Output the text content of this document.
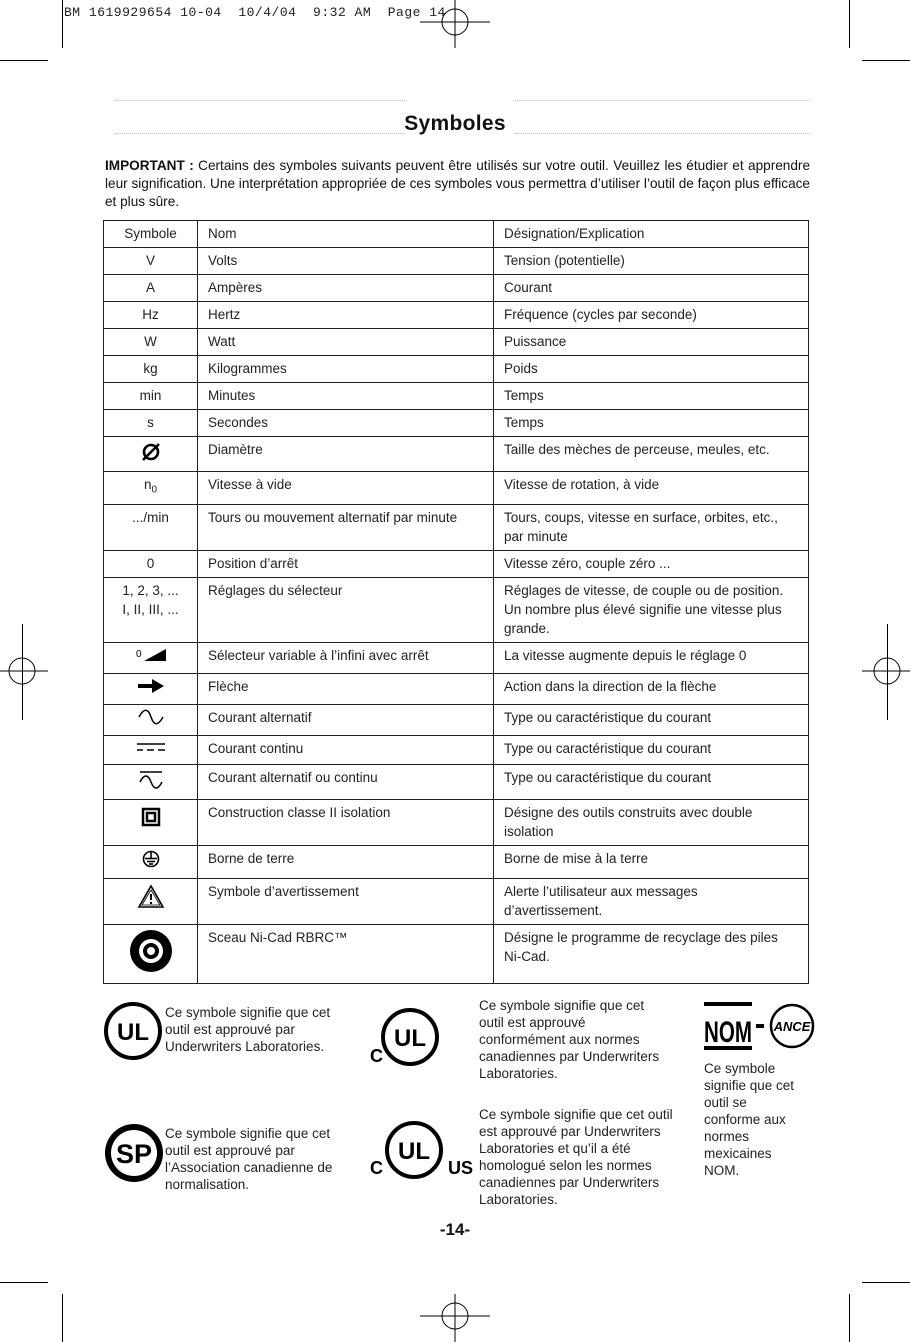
BM 1619929654 10-04  10/4/04  9:32 AM  Page 14
Symboles
IMPORTANT : Certains des symboles suivants peuvent être utilisés sur votre outil. Veuillez les étudier et apprendre leur signification. Une interprétation appropriée de ces symboles vous permettra d’utiliser l’outil de façon plus efficace et plus sûre.
Symbole	Nom	Désignation/Explication
V	Volts	Tension (potentielle)
A	Ampères	Courant
Hz	Hertz	Fréquence (cycles par seconde)
W	Watt	Puissance
kg	Kilogrammes	Poids
min	Minutes	Temps
s	Secondes	Temps
	Diamètre	Taille des mèches de perceuse, meules, etc.
$n_0$	Vitesse à vide	Vitesse de rotation, à vide
.../min	Tours ou mouvement alternatif par minute	Tours, coups, vitesse en surface, orbites, etc., par minute
0	Position d’arrêt	Vitesse zéro, couple zéro ...
1, 2, 3, ...
I, II, III, ...	Réglages du sélecteur	Réglages de vitesse, de couple ou de position. Un nombre plus élevé signifie une vitesse plus grande.

0	Sélecteur variable à l’infini avec arrêt	La vitesse augmente depuis le réglage 0
	Flèche	Action dans la direction de la flèche
	Courant alternatif	Type ou caractéristique du courant
	Courant continu	Type ou caractéristique du courant
	Courant alternatif ou continu	Type ou caractéristique du courant
	Construction classe II isolation	Désigne des outils construits avec double isolation
	Borne de terre	Borne de mise à la terre
	Symbole d’avertissement	Alerte l’utilisateur aux messages d’avertissement.
	Sceau Ni-Cad RBRC™	Désigne le programme de recyclage des piles Ni-Cad.
UL
Ce symbole signifie que cet outil est approuvé par Underwriters Laboratories.	C
UL
Ce symbole signifie que cet outil est approuvé conformément aux normes canadiennes par Underwriters Laboratories.
NOM ANCE
Ce symbole signifie que cet outil se conforme aux normes mexicaines NOM.
SP
Ce symbole signifie que cet outil est approuvé par l’Association canadienne de normalisation.
C
UL
US
Ce symbole signifie que cet outil est approuvé par Underwriters Laboratories et qu’il a été homologué selon les normes canadiennes par Underwriters Laboratories.
-14-
